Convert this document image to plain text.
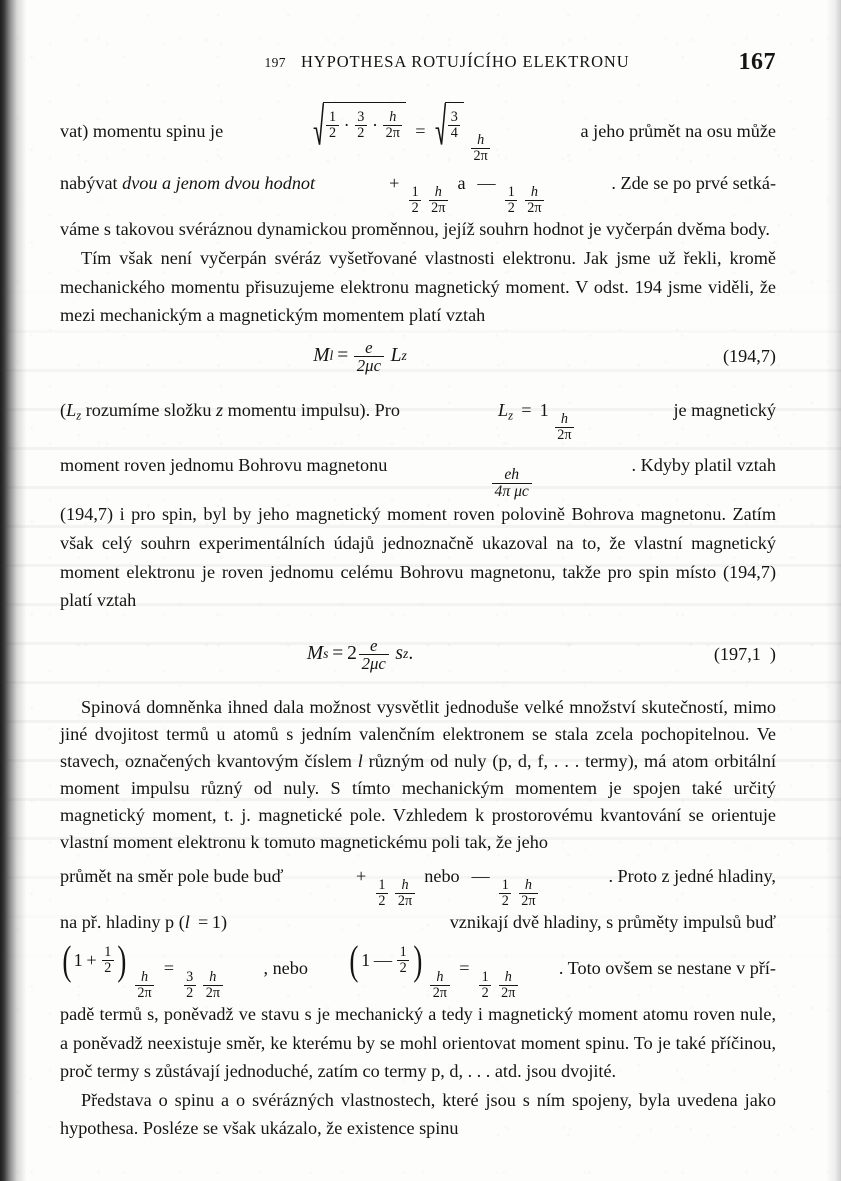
197 HYPOTHESA ROTUJÍCÍHO ELEKTRONU	167
vat) momentu spinu je	$\frac{1}{2} \cdot \frac{3}{2} \cdot \frac{h}{2\pi} = \frac{3}{4}$

$\frac{h}{2\pi}$
a jeho průmět na osu může
nabývat dvou a jenom dvou hodnot	+
$\frac{1}{2}$
$\frac{h}{2\pi}$
a —
$\frac{1}{2}$
$\frac{h}{2\pi}$
. Zde se po prvé setká-

váme s takovou svéráznou dynamickou proměnnou, jejíž souhrn hodnot je vyčerpán dvěma body.

Tím však není vyčerpán svéráz vyšetřované vlastnosti elektronu. Jak jsme už řekli, kromě mechanického momentu přisuzujeme elektronu magnetický moment. V odst. 194 jsme viděli, že mezi mechanickým a magnetickým momentem platí vztah

M $l = \frac{e}{2\mu c}$
L z	(194,7)
($L_z$ rozumíme složku z momentu impulsu). Pro	$L_z = 1$
$\frac{h}{2\pi}$
je magnetický
moment roven jednomu Bohrovu magnetonu
$\frac{eh}{\text{4π μc}}$
. Kdyby platil vztah

(194,7) i pro spin, byl by jeho magnetický moment roven polovině Bohrova magnetonu. Zatím však celý souhrn experimentálních údajů jednoznačně ukazoval na to, že vlastní magnetický moment elektronu je roven jednomu celému Bohrovu magnetonu, takže pro spin místo (194,7) platí vztah

M $s = 2 \frac{e}{2\mu c}$
s z .	(197,1  )

Spinová domněnka ihned dala možnost vysvětlit jednoduše velké množství skutečností, mimo jiné dvojitost termů u atomů s jedním valenčním elektronem se stala zcela pochopitelnou. Ve stavech, označených kvantovým číslem l různým od nuly (p, d, f, . . . termy), má atom orbitální moment impulsu různý od nuly. S tímto mechanickým momentem je spojen také určitý magnetický moment, t. j. magnetické pole. Vzhledem k prostorovému kvantování se orientuje vlastní moment elektronu k tomuto magnetickému poli tak, že jeho

průmět na směr pole bude buď	+
$\frac{1}{2}$
$\frac{h}{2\pi}$
nebo —
$\frac{1}{2}$
$\frac{h}{2\pi}$
. Proto z jedné hladiny,
na př. hladiny p (l = 1)	vznikají dvě hladiny, s průměty impulsů buď
( $1 + \frac{1}{2}$ )

$\frac{h}{2\pi}$
=
$\frac{3}{2}$
$\frac{h}{2\pi}$
, nebo ( 1 — $\frac{1}{2}$ )

$\frac{h}{2\pi}$
=
$\frac{1}{2}$
$\frac{h}{2\pi}$
. Toto ovšem se nestane v pří-

padě termů s, poněvadž ve stavu s je mechanický a tedy i magnetický moment atomu roven nule, a poněvadž neexistuje směr, ke kterému by se mohl orientovat moment spinu. To je také příčinou, proč termy s zůstávají jednoduché, zatím co termy p, d, . . . atd. jsou dvojité.

Představa o spinu a o svérázných vlastnostech, které jsou s ním spojeny, byla uvedena jako hypothesa. Posléze se však ukázalo, že existence spinu
